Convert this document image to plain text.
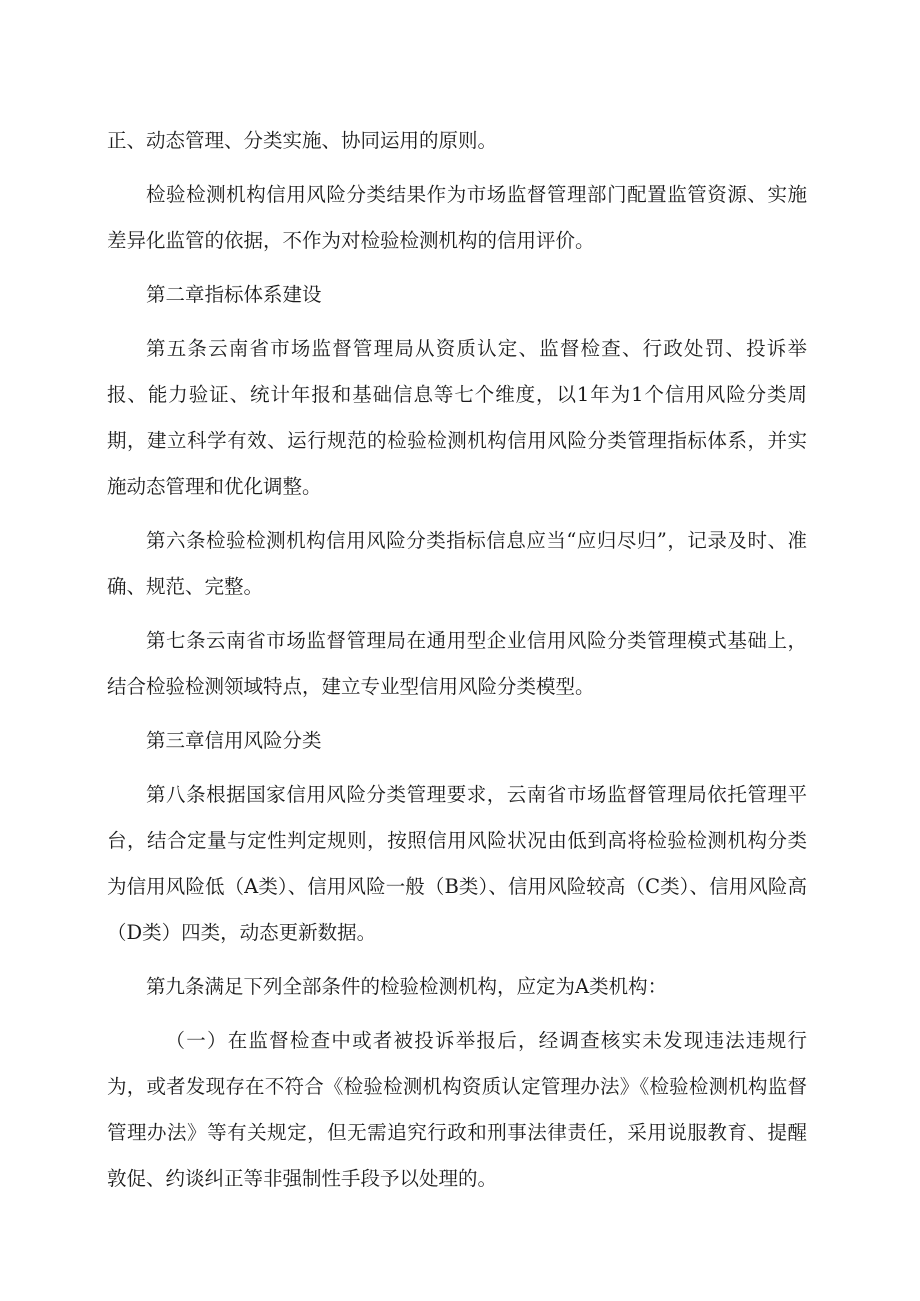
正、动态管理、分类实施、协同运用的原则。

检验检测机构信用风险分类结果作为市场监督管理部门配置监管资源、实施差异化监管的依据，不作为对检验检测机构的信用评价。

第二章指标体系建设

第五条云南省市场监督管理局从资质认定、监督检查、行政处罚、投诉举报、能力验证、统计年报和基础信息等七个维度，以1年为1个信用风险分类周期，建立科学有效、运行规范的检验检测机构信用风险分类管理指标体系，并实施动态管理和优化调整。

第六条检验检测机构信用风险分类指标信息应当“应归尽归”，记录及时、准确、规范、完整。

第七条云南省市场监督管理局在通用型企业信用风险分类管理模式基础上，结合检验检测领域特点，建立专业型信用风险分类模型。

第三章信用风险分类

第八条根据国家信用风险分类管理要求，云南省市场监督管理局依托管理平台，结合定量与定性判定规则，按照信用风险状况由低到高将检验检测机构分类为信用风险低（A类）、信用风险一般（B类）、信用风险较高（C类）、信用风险高（D类）四类，动态更新数据。

第九条满足下列全部条件的检验检测机构，应定为A类机构：

（一）在监督检查中或者被投诉举报后，经调查核实未发现违法违规行为，或者发现存在不符合《检验检测机构资质认定管理办法》《检验检测机构监督管理办法》等有关规定，但无需追究行政和刑事法律责任，采用说服教育、提醒敦促、约谈纠正等非强制性手段予以处理的。
